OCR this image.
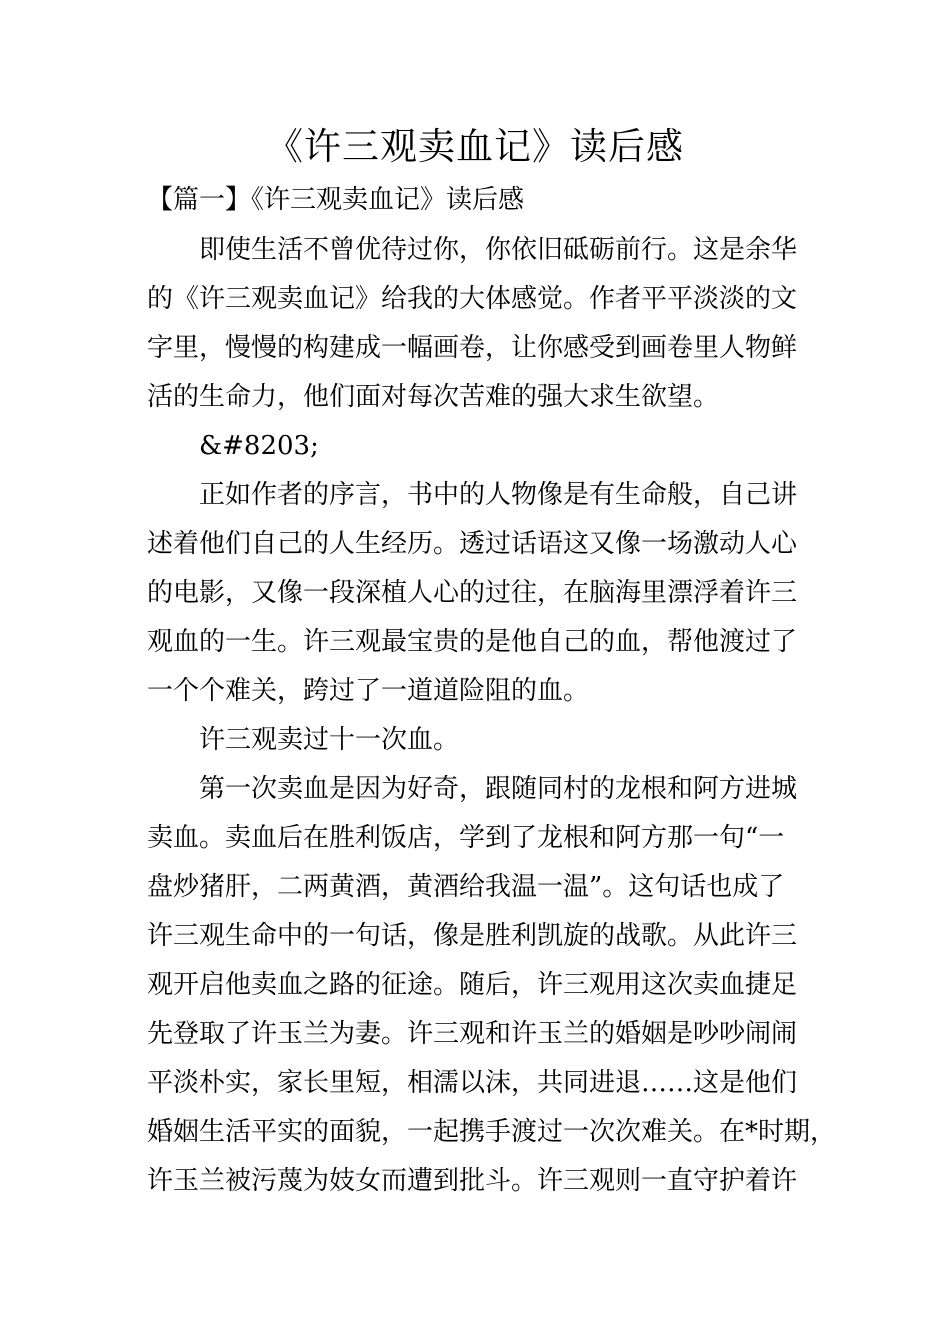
《许三观卖血记》读后感
【篇一】《许三观卖血记》读后感

即使生活不曾优待过你，你依旧砥砺前行。这是余华
的《许三观卖血记》给我的大体感觉。作者平平淡淡的文
字里，慢慢的构建成一幅画卷，让你感受到画卷里人物鲜
活的生命力，他们面对每次苦难的强大求生欲望。

&#8203;

正如作者的序言，书中的人物像是有生命般，自己讲
述着他们自己的人生经历。透过话语这又像一场激动人心
的电影，又像一段深植人心的过往，在脑海里漂浮着许三
观血的一生。许三观最宝贵的是他自己的血，帮他渡过了
一个个难关，跨过了一道道险阻的血。

许三观卖过十一次血。

第一次卖血是因为好奇，跟随同村的龙根和阿方进城
卖血。卖血后在胜利饭店，学到了龙根和阿方那一句“一
盘炒猪肝，二两黄酒，黄酒给我温一温”。这句话也成了
许三观生命中的一句话，像是胜利凯旋的战歌。从此许三
观开启他卖血之路的征途。随后，许三观用这次卖血捷足
先登取了许玉兰为妻。许三观和许玉兰的婚姻是吵吵闹闹
平淡朴实，家长里短，相濡以沫，共同进退……这是他们
婚姻生活平实的面貌，一起携手渡过一次次难关。在*时期，
许玉兰被污蔑为妓女而遭到批斗。许三观则一直守护着许
